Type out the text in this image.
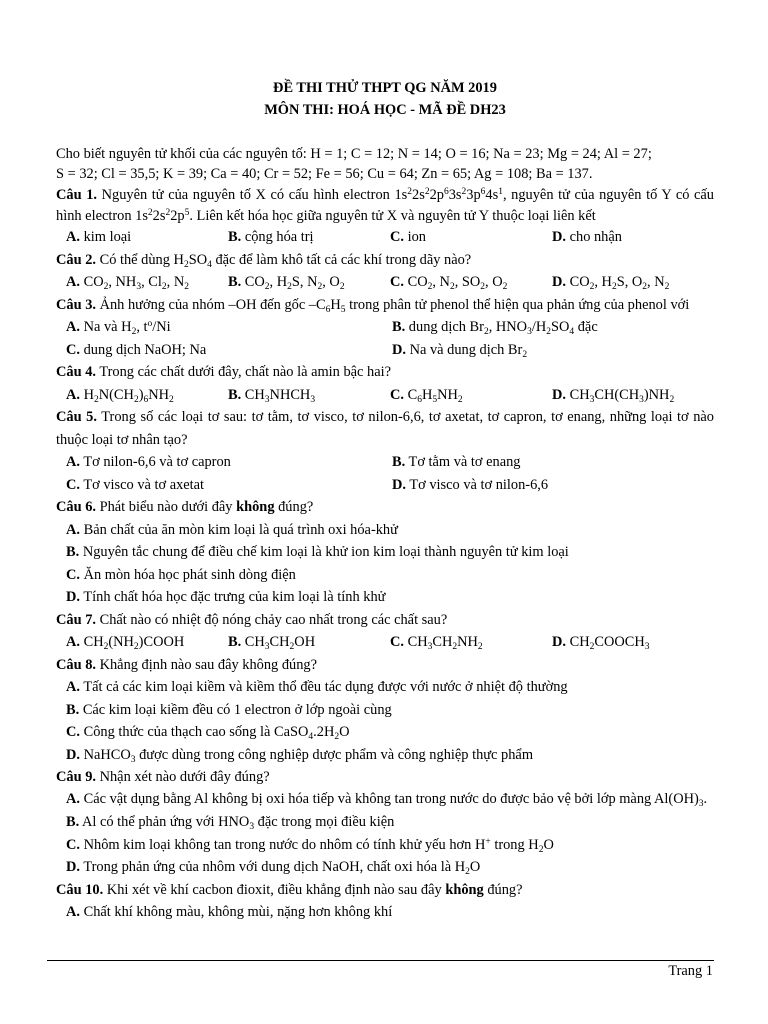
ĐỀ THI THỬ THPT QG NĂM 2019
MÔN THI: HOÁ HỌC - MÃ ĐỀ DH23
Cho biết nguyên tử khối của các nguyên tố: H = 1; C = 12; N = 14; O = 16; Na = 23; Mg = 24; Al = 27;
S = 32; Cl = 35,5; K = 39; Ca = 40; Cr = 52; Fe = 56; Cu = 64; Zn = 65; Ag = 108; Ba = 137.
Câu 1. Nguyên tử của nguyên tố X có cấu hình electron $1s^22s^22p^63s^23p^64s^1$, nguyên tử của nguyên tố Y có cấu hình electron $1s^22s^22p^5$. Liên kết hóa học giữa nguyên tử X và nguyên tử Y thuộc loại liên kết
A. kim loại	B. cộng hóa trị	C. ion	D. cho nhận
Câu 2. Có thể dùng $H_2SO_4$ đặc để làm khô tất cả các khí trong dãy nào?
A. $CO_2$, $NH_3$, $Cl_2$, $N_2$	B. $CO_2$, $H_2S$, $N_2$, $O_2$	C. $CO_2$, $N_2$, $SO_2$, $O_2$	D. $CO_2$, $H_2S$, $O_2$, $N_2$
Câu 3. Ảnh hưởng của nhóm –OH đến gốc $-C_6H_5$ trong phân tử phenol thể hiện qua phản ứng của phenol với
A. Na và $H_2$, $t^o/Ni$	B. dung dịch $Br_2$, $HNO_3/H_2SO_4$ đặc
C. dung dịch NaOH; Na	D. Na và dung dịch $Br_2$
Câu 4. Trong các chất dưới đây, chất nào là amin bậc hai?
A. $H_2N(CH_2)_6NH_2$	B. $CH_3NHCH_3$	C. $C_6H_5NH_2$	D. $CH_3CH(CH_3)NH_2$
Câu 5. Trong số các loại tơ sau: tơ tằm, tơ visco, tơ nilon-6,6, tơ axetat, tơ capron, tơ enang, những loại tơ nào thuộc loại tơ nhân tạo?
A. Tơ nilon-6,6 và tơ capron	B. Tơ tằm và tơ enang
C. Tơ visco và tơ axetat	D. Tơ visco và tơ nilon-6,6
Câu 6. Phát biểu nào dưới đây không đúng?
A. Bản chất của ăn mòn kim loại là quá trình oxi hóa-khử
B. Nguyên tắc chung để điều chế kim loại là khử ion kim loại thành nguyên tử kim loại
C. Ăn mòn hóa học phát sinh dòng điện
D. Tính chất hóa học đặc trưng của kim loại là tính khử
Câu 7. Chất nào có nhiệt độ nóng chảy cao nhất trong các chất sau?
A. $CH_2(NH_2)COOH$	B. $CH_3CH_2OH$	C. $CH_3CH_2NH_2$	D. $CH_2COOCH_3$
Câu 8. Khẳng định nào sau đây không đúng?
A. Tất cả các kim loại kiềm và kiềm thổ đều tác dụng được với nước ở nhiệt độ thường
B. Các kim loại kiềm đều có 1 electron ở lớp ngoài cùng
C. Công thức của thạch cao sống là $CaSO_4.2H_2O$
D. NaHCO$_3$ được dùng trong công nghiệp dược phẩm và công nghiệp thực phẩm
Câu 9. Nhận xét nào dưới đây đúng?
A. Các vật dụng bằng Al không bị oxi hóa tiếp và không tan trong nước do được bảo vệ bởi lớp màng $Al(OH)_3$.
B. Al có thể phản ứng với $HNO_3$ đặc trong mọi điều kiện
C. Nhôm kim loại không tan trong nước do nhôm có tính khử yếu hơn H+ trong $H_2O$
D. Trong phản ứng của nhôm với dung dịch NaOH, chất oxi hóa là $H_2O$
Câu 10. Khi xét về khí cacbon đioxit, điều khẳng định nào sau đây không đúng?
A. Chất khí không màu, không mùi, nặng hơn không khí
Trang 1
